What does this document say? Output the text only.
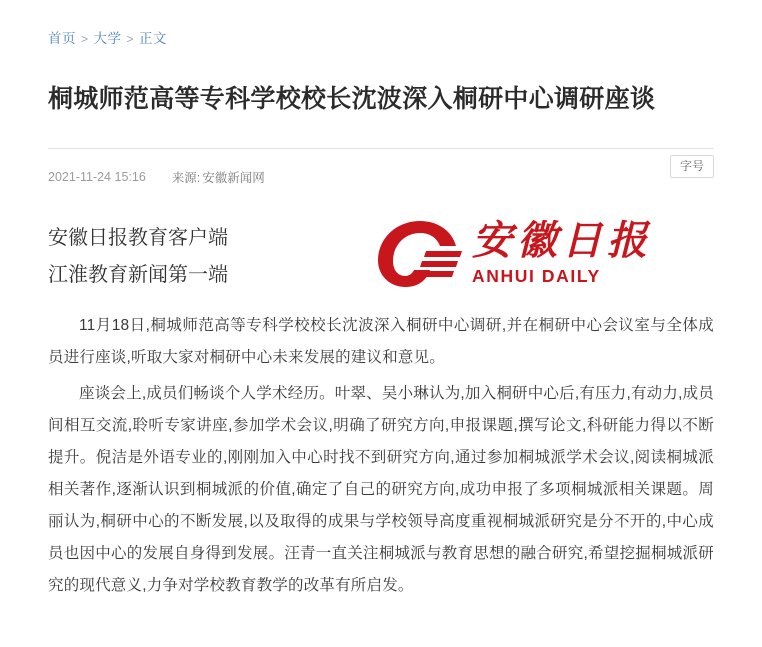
首页 > 大学 > 正文
桐城师范高等专科学校校长沈波深入桐研中心调研座谈
2021-11-24 15:16 来源: 安徽新闻网
字号
安徽日报教育客户端
江淮教育新闻第一端
安徽日报
ANHUI DAILY

11月18日,桐城师范高等专科学校校长沈波深入桐研中心调研,并在桐研中心会议室与全体成员进行座谈,听取大家对桐研中心未来发展的建议和意见。

座谈会上,成员们畅谈个人学术经历。叶翠、吴小琳认为,加入桐研中心后,有压力,有动力,成员间相互交流,聆听专家讲座,参加学术会议,明确了研究方向,申报课题,撰写论文,科研能力得以不断提升。倪洁是外语专业的,刚刚加入中心时找不到研究方向,通过参加桐城派学术会议,阅读桐城派相关著作,逐渐认识到桐城派的价值,确定了自己的研究方向,成功申报了多项桐城派相关课题。周丽认为,桐研中心的不断发展,以及取得的成果与学校领导高度重视桐城派研究是分不开的,中心成员也因中心的发展自身得到发展。汪青一直关注桐城派与教育思想的融合研究,希望挖掘桐城派研究的现代意义,力争对学校教育教学的改革有所启发。
